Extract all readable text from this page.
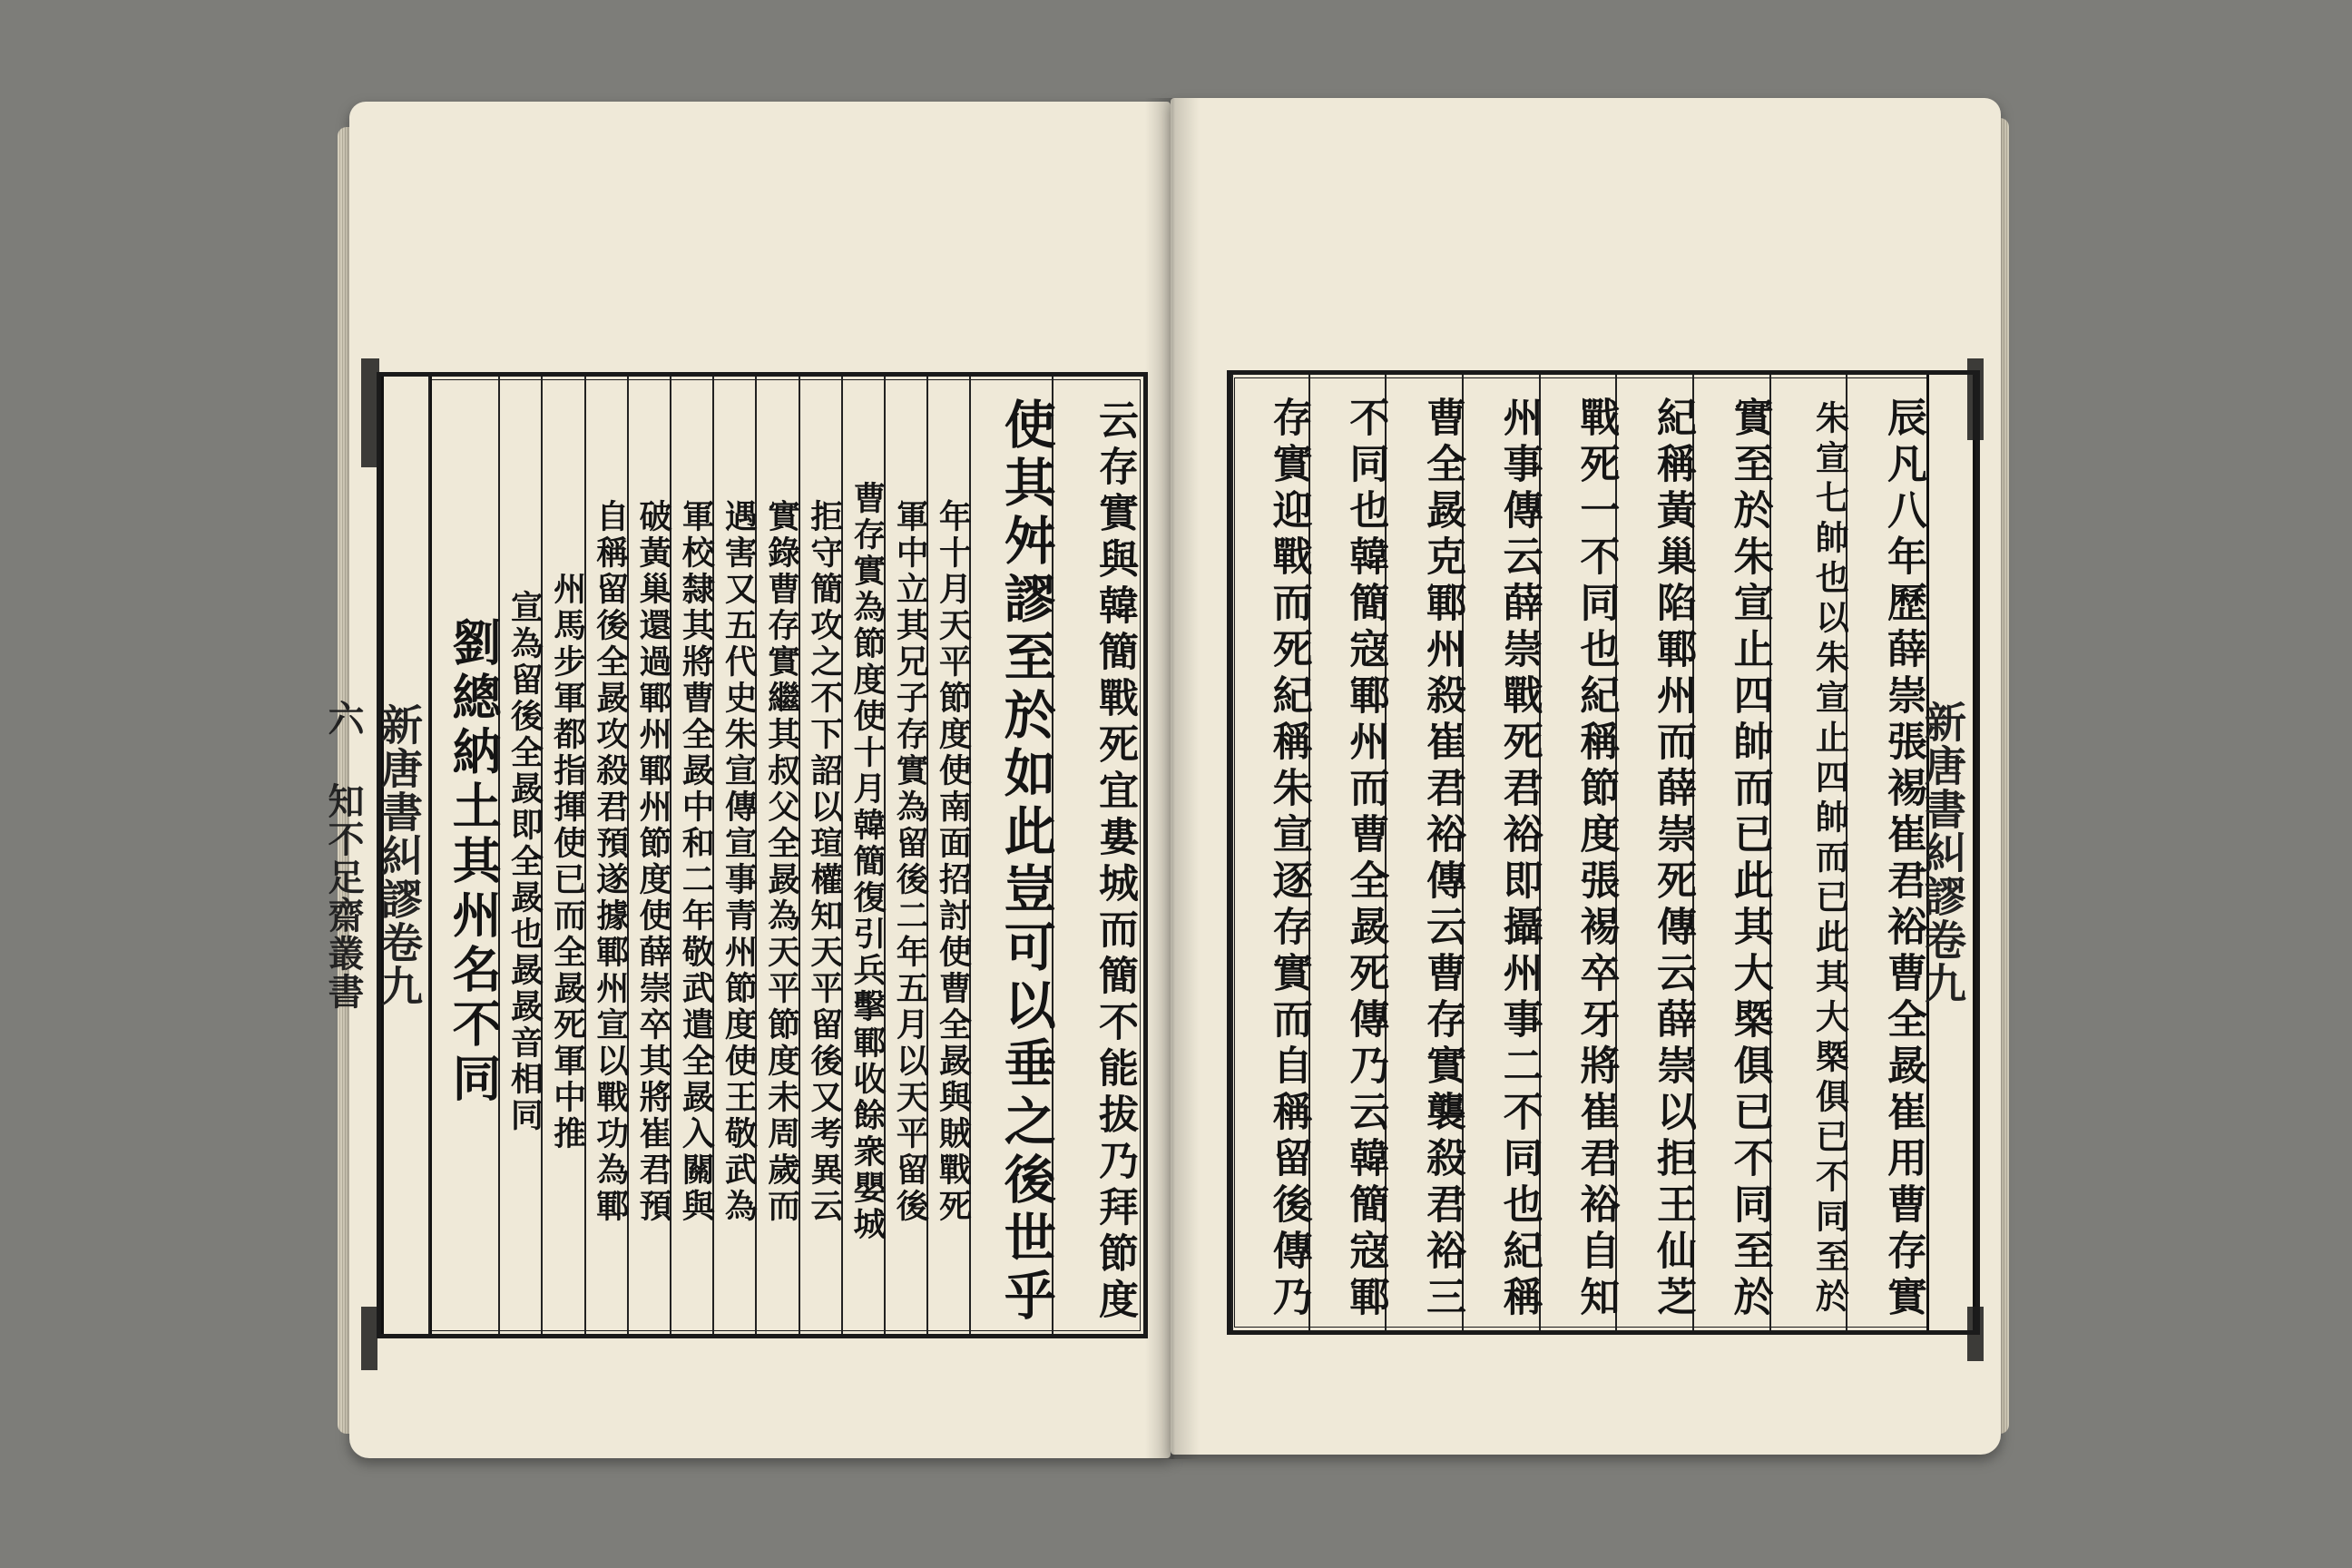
新唐書糾謬卷九
六 知不足齋叢書	云存實與韓簡戰死宜婁城而簡不能拔乃拜節度
使其舛謬至於如此豈可以垂之後世乎
年十月天平節度使南面招討使曹全晸與賊戰死
軍中立其兄子存實為留後二年五月以天平留後
曹存實為節度使十月韓簡復引兵擊鄆收餘衆嬰城
拒守簡攻之不下詔以瑄權知天平留後又考異云
實錄曹存實繼其叔父全晸為天平節度未周歲而
遇害又五代史朱宣傳宣事青州節度使王敬武為
軍校隸其將曹全晸中和二年敬武遣全晸入關與
破黃巢還過鄆州鄆州節度使薛崇卒其將崔君預
自稱留後全晸攻殺君預遂據鄆州宣以戰功為鄆
州馬步軍都指揮使已而全晸死軍中推
宣為留後全晸即全晸也晸晸音相同
劉總納土其州名不同	新唐書糾謬卷九
辰凡八年歷薛崇張裼崔君裕曹全晸崔用曹存實
朱宣七帥也以朱宣止四帥而已此其大槩俱已不同至於
實至於朱宣止四帥而已此其大槩俱已不同至於
紀稱黃巢陷鄆州而薛崇死傳云薛崇以拒王仙芝
戰死一不同也紀稱節度張裼卒牙將崔君裕自知
州事傳云薛崇戰死君裕即攝州事二不同也紀稱
曹全晸克鄆州殺崔君裕傳云曹存實襲殺君裕三
不同也韓簡寇鄆州而曹全晸死傳乃云韓簡寇鄆
存實迎戰而死紀稱朱宣逐存實而自稱留後傳乃
